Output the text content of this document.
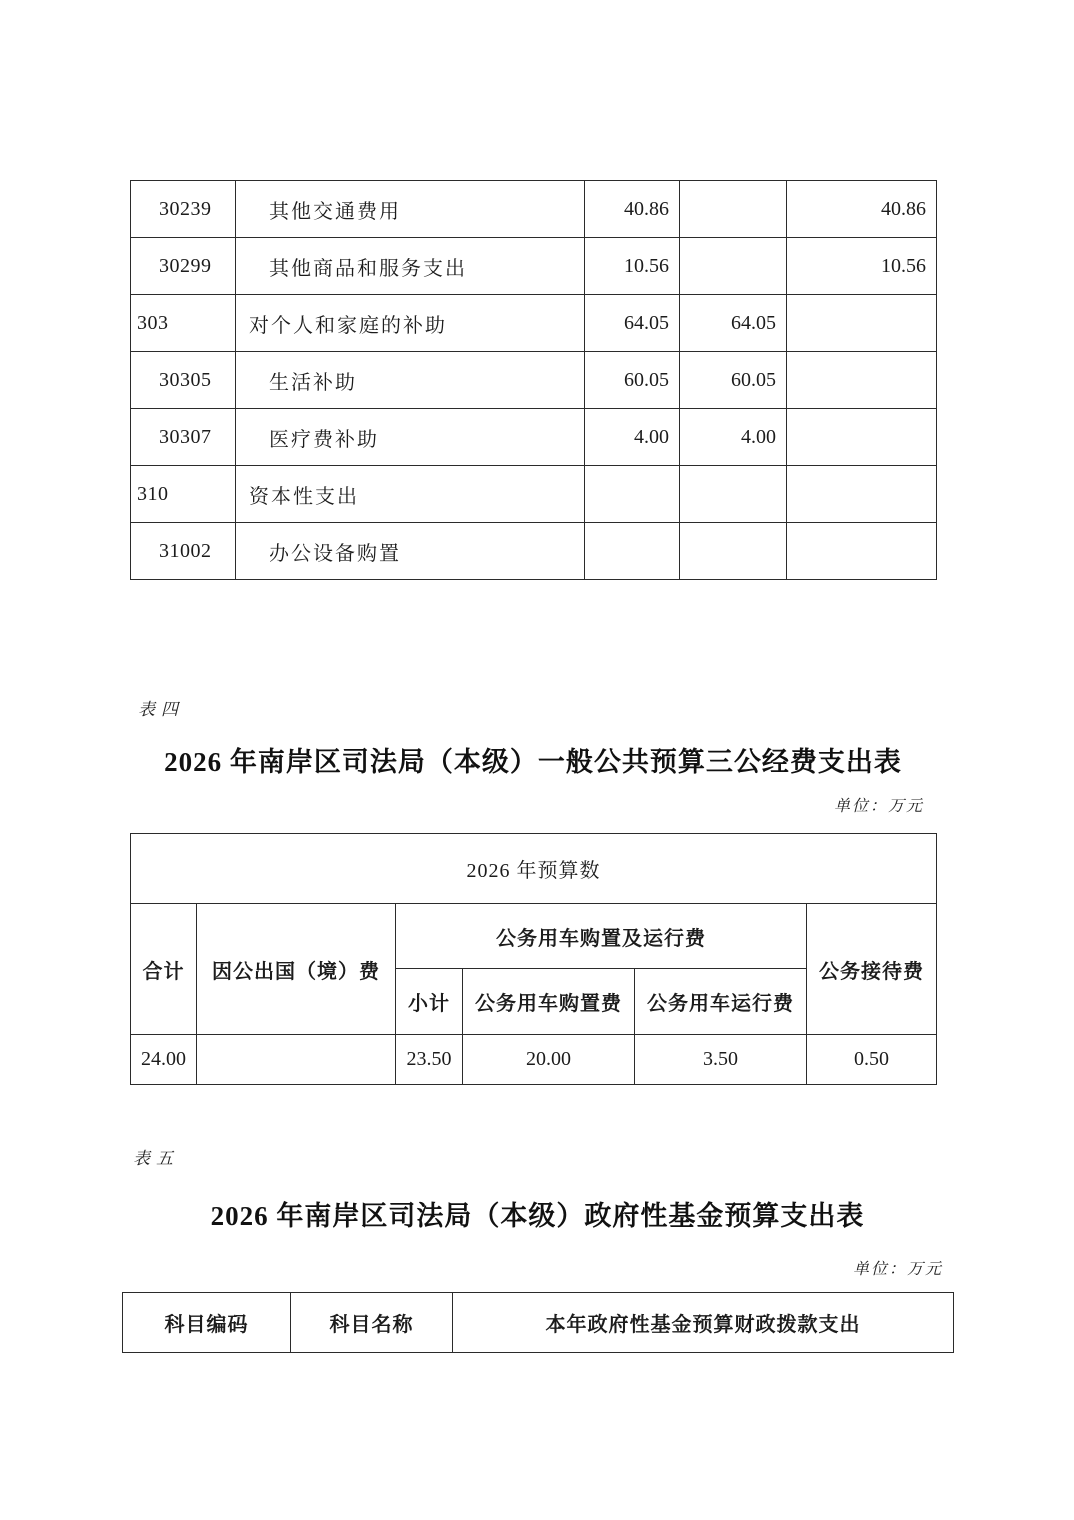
30239	其他交通费用	40.86		40.86
30299	其他商品和服务支出	10.56		10.56
303	对个人和家庭的补助	64.05	64.05	
30305	生活补助	60.05	60.05	
30307	医疗费补助	4.00	4.00	
310	资本性支出			
31002	办公设备购置			
表四
2026 年南岸区司法局（本级）一般公共预算三公经费支出表
单位：万元
2026 年预算数					
合计	因公出国（境）费	公务用车购置及运行费			公务接待费
		小计	公务用车购置费	公务用车运行费	
24.00		23.50	20.00	3.50	0.50
表五
2026 年南岸区司法局（本级）政府性基金预算支出表
单位：万元
科目编码	科目名称	本年政府性基金预算财政拨款支出
